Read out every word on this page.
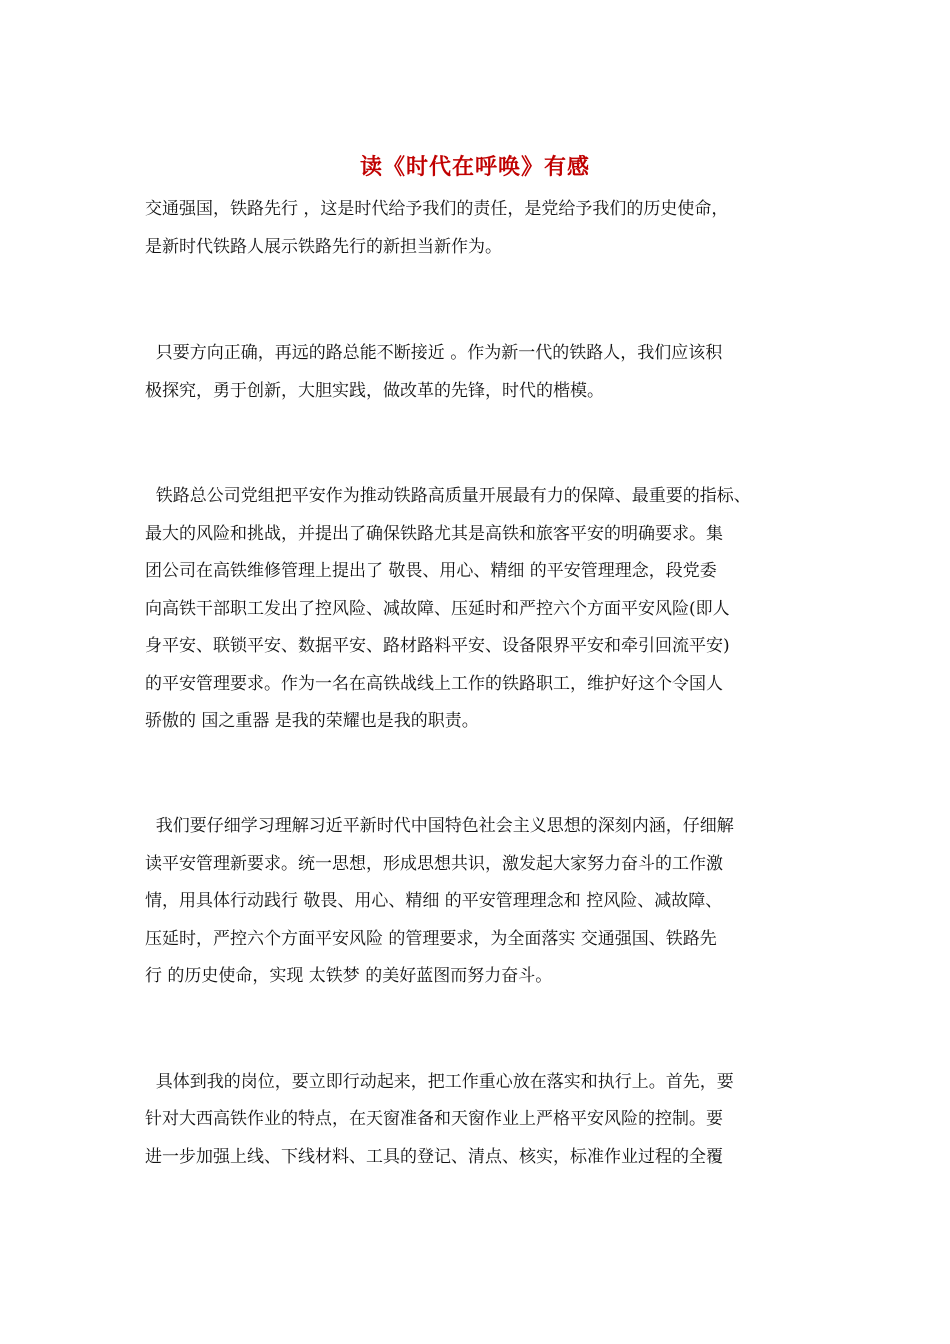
读《时代在呼唤》有感

交通强国，铁路先行 ，这是时代给予我们的责任，是党给予我们的历史使命，

是新时代铁路人展示铁路先行的新担当新作为。

只要方向正确，再远的路总能不断接近 。作为新一代的铁路人，我们应该积

极探究，勇于创新，大胆实践，做改革的先锋，时代的楷模。

铁路总公司党组把平安作为推动铁路高质量开展最有力的保障、最重要的指标、

最大的风险和挑战，并提出了确保铁路尤其是高铁和旅客平安的明确要求。集

团公司在高铁维修管理上提出了 敬畏、用心、精细 的平安管理理念，段党委

向高铁干部职工发出了控风险、减故障、压延时和严控六个方面平安风险(即人

身平安、联锁平安、数据平安、路材路料平安、设备限界平安和牵引回流平安)

的平安管理要求。作为一名在高铁战线上工作的铁路职工，维护好这个令国人

骄傲的 国之重器 是我的荣耀也是我的职责。

我们要仔细学习理解习近平新时代中国特色社会主义思想的深刻内涵，仔细解

读平安管理新要求。统一思想，形成思想共识，激发起大家努力奋斗的工作激

情，用具体行动践行 敬畏、用心、精细 的平安管理理念和 控风险、减故障、

压延时，严控六个方面平安风险 的管理要求，为全面落实 交通强国、铁路先

行 的历史使命，实现 太铁梦 的美好蓝图而努力奋斗。

具体到我的岗位，要立即行动起来，把工作重心放在落实和执行上。首先，要

针对大西高铁作业的特点，在天窗准备和天窗作业上严格平安风险的控制。要

进一步加强上线、下线材料、工具的登记、清点、核实，标准作业过程的全覆
